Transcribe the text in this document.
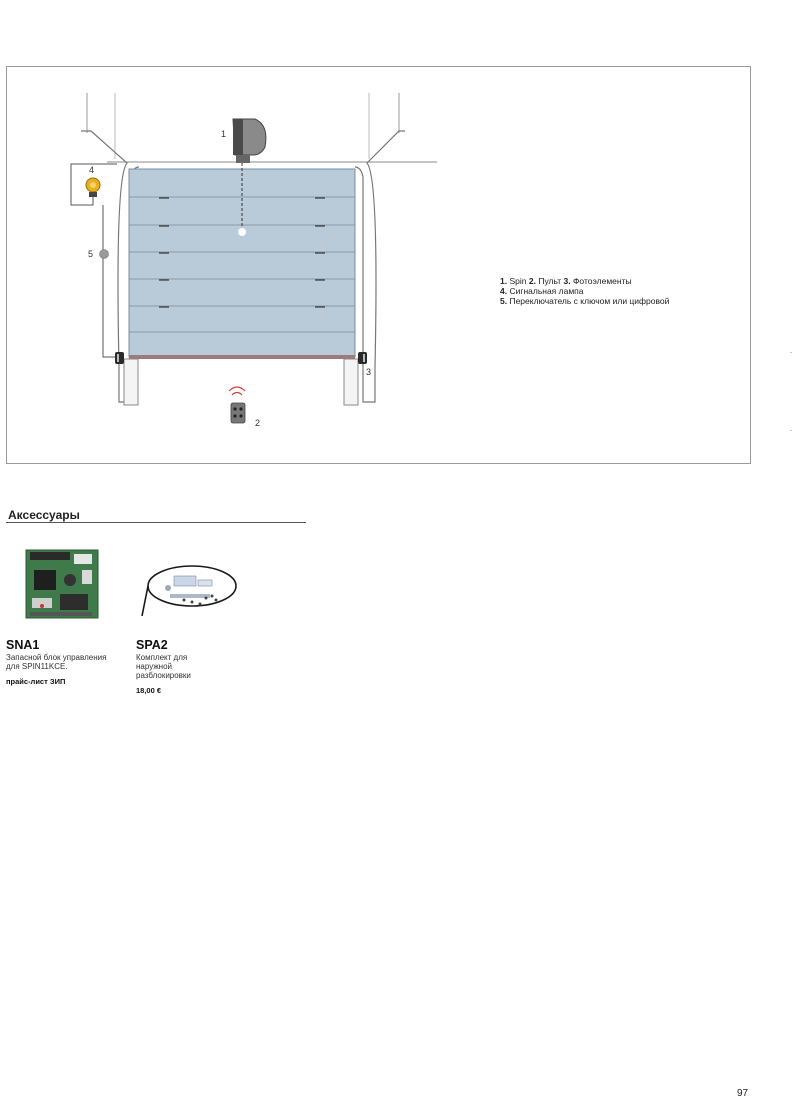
1
2
3
4
5
1. Spin 2. Пульт 3. Фотоэлементы
4. Сигнальная лампа
5. Переключатель с ключом или цифровой
Аксессуары
SNA1
Запасной блок управления
для SPIN11KCE.
прайс-лист ЗИП
SPA2
Комплект для
наружной
разблокировки
18,00 €
97
